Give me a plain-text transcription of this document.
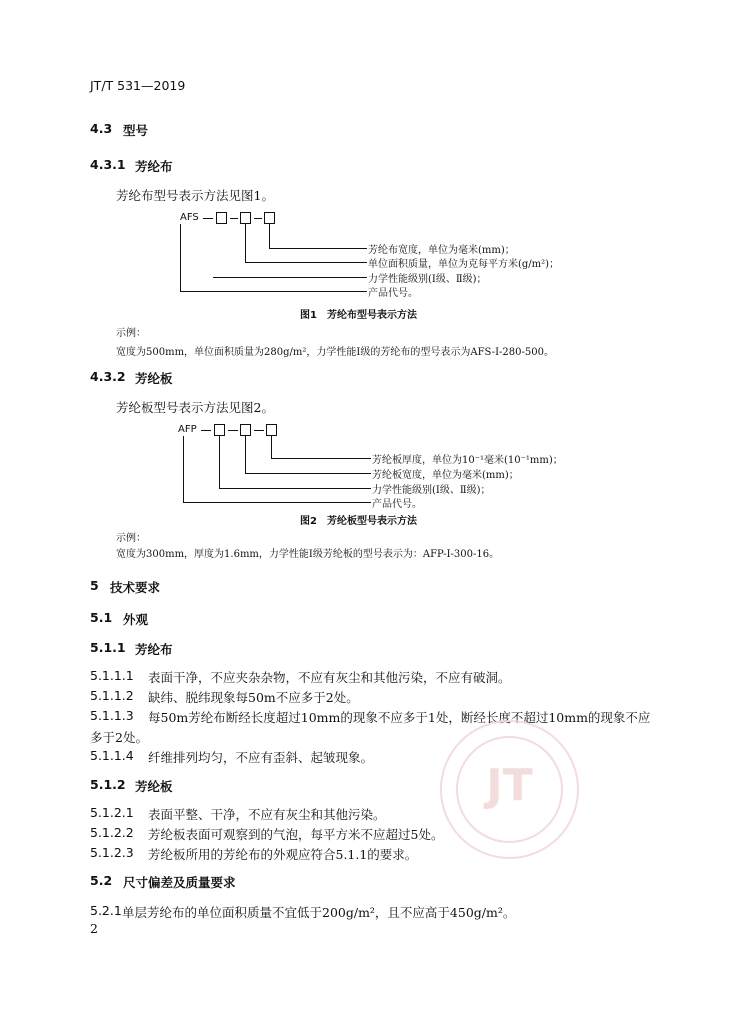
JT/T 531—2019
4.3 型号
4.3.1 芳纶布
芳纶布型号表示方法见图1。
AFS
芳纶布宽度，单位为毫米(mm)；
单位面积质量，单位为克每平方米(g/m²)；
力学性能级别(Ⅰ级、Ⅱ级)；
产品代号。
图1　芳纶布型号表示方法
示例：
宽度为500mm，单位面积质量为280g/m²，力学性能Ⅰ级的芳纶布的型号表示为AFS-I-280-500。
4.3.2 芳纶板
芳纶板型号表示方法见图2。
AFP
芳纶板厚度，单位为10⁻¹毫米(10⁻¹mm)；
芳纶板宽度，单位为毫米(mm)；
力学性能级别(Ⅰ级、Ⅱ级)；
产品代号。
图2　芳纶板型号表示方法
示例：
宽度为300mm，厚度为1.6mm，力学性能Ⅰ级芳纶板的型号表示为：AFP-I-300-16。
5 技术要求
5.1 外观
5.1.1 芳纶布
5.1.1.1 表面干净，不应夹杂杂物，不应有灰尘和其他污染，不应有破洞。
5.1.1.2 缺纬、脱纬现象每50m不应多于2处。
5.1.1.3 每50m芳纶布断经长度超过10mm的现象不应多于1处，断经长度不超过10mm的现象不应
多于2处。
5.1.1.4 纤维排列均匀，不应有歪斜、起皱现象。
5.1.2 芳纶板
5.1.2.1 表面平整、干净，不应有灰尘和其他污染。
5.1.2.2 芳纶板表面可观察到的气泡，每平方米不应超过5处。
5.1.2.3 芳纶板所用的芳纶布的外观应符合5.1.1的要求。
5.2 尺寸偏差及质量要求
5.2.1 单层芳纶布的单位面积质量不宜低于200g/m²，且不应高于450g/m²。
2
JT
